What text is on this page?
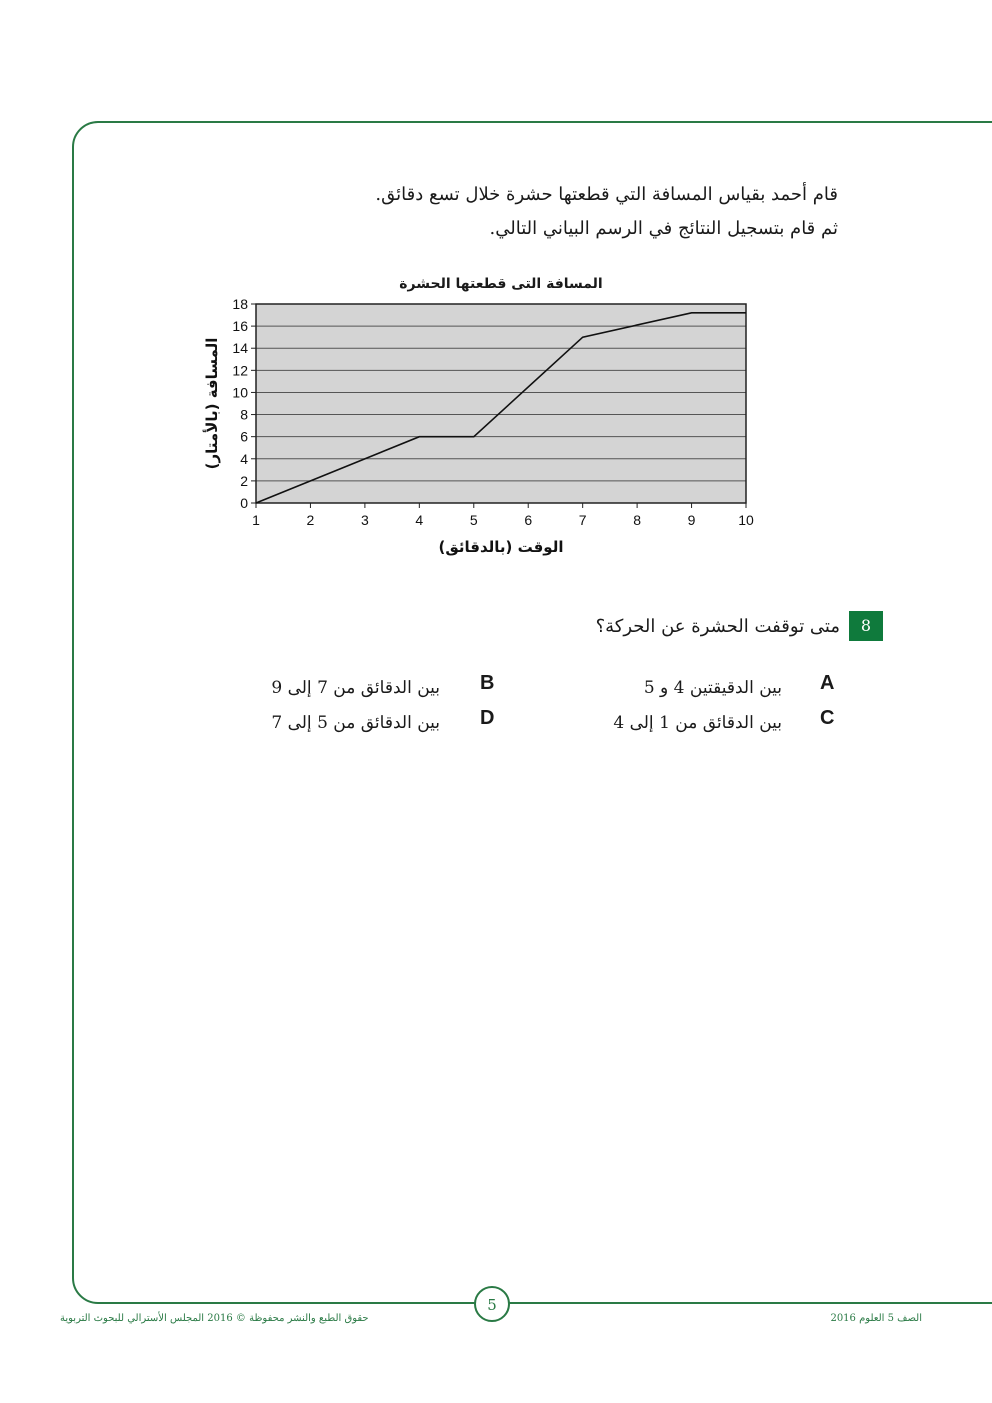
قام أحمد بقياس المسافة التي قطعتها حشرة خلال تسع دقائق.

ثم قام بتسجيل النتائج في الرسم البياني التالي.

المسافة التى قطعتها الحشرة
0
2
4
6
8
10
12
14
16
18
1	2	3	4	5	6	7	8	9	10
الوقت (بالدقائق)
المسافة (بالأمتار)
8
متى توقفت الحشرة عن الحركة؟
A
بين الدقيقتين 4 و 5
B
بين الدقائق من 7 إلى 9
C
بين الدقائق من 1 إلى 4
D
بين الدقائق من 5 إلى 7
5
حقوق الطبع والنشر محفوظة © 2016 المجلس الأسترالي للبحوث التربوية	الصف 5 العلوم 2016
